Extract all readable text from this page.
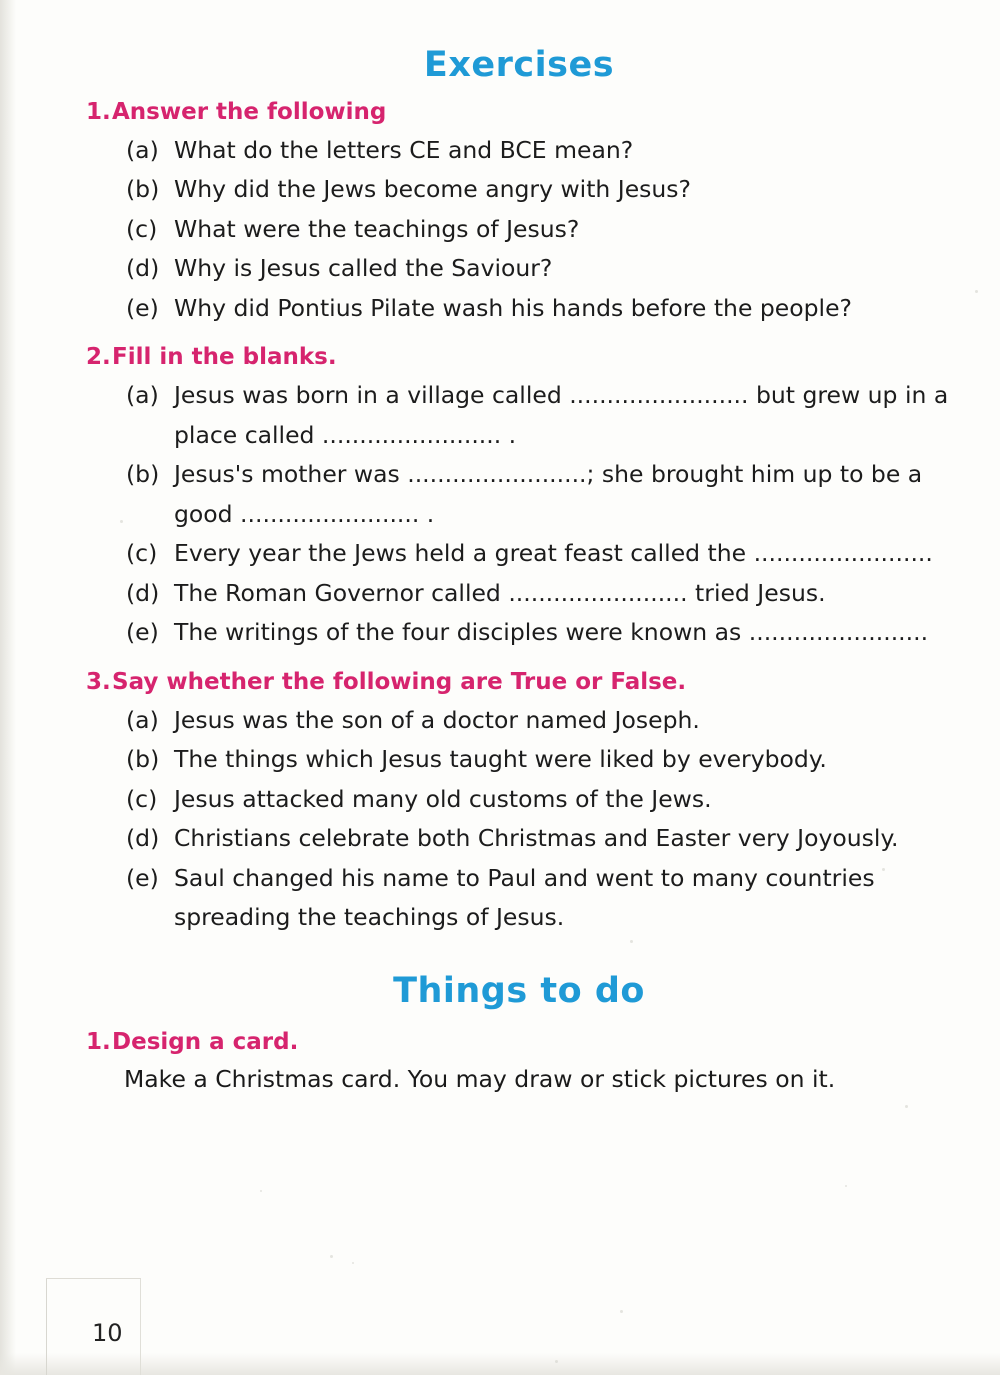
Exercises

1.Answer the following

(a) What do the letters CE and BCE mean?
(b) Why did the Jews become angry with Jesus?
(c) What were the teachings of Jesus?
(d) Why is Jesus called the Saviour?
(e) Why did Pontius Pilate wash his hands before the people?

2.Fill in the blanks.

(a) Jesus was born in a village called ........................ but grew up in a place called ........................ .
(b) Jesus's mother was ........................; she brought him up to be a good ........................ .
(c) Every year the Jews held a great feast called the ........................
(d) The Roman Governor called ........................ tried Jesus.
(e) The writings of the four disciples were known as ........................

3.Say whether the following are True or False.

(a) Jesus was the son of a doctor named Joseph.
(b) The things which Jesus taught were liked by everybody.
(c) Jesus attacked many old customs of the Jews.
(d) Christians celebrate both Christmas and Easter very Joyously.
(e) Saul changed his name to Paul and went to many countries spreading the teachings of Jesus.
Things to do

1.Design a card.

Make a Christmas card. You may draw or stick pictures on it.

10
